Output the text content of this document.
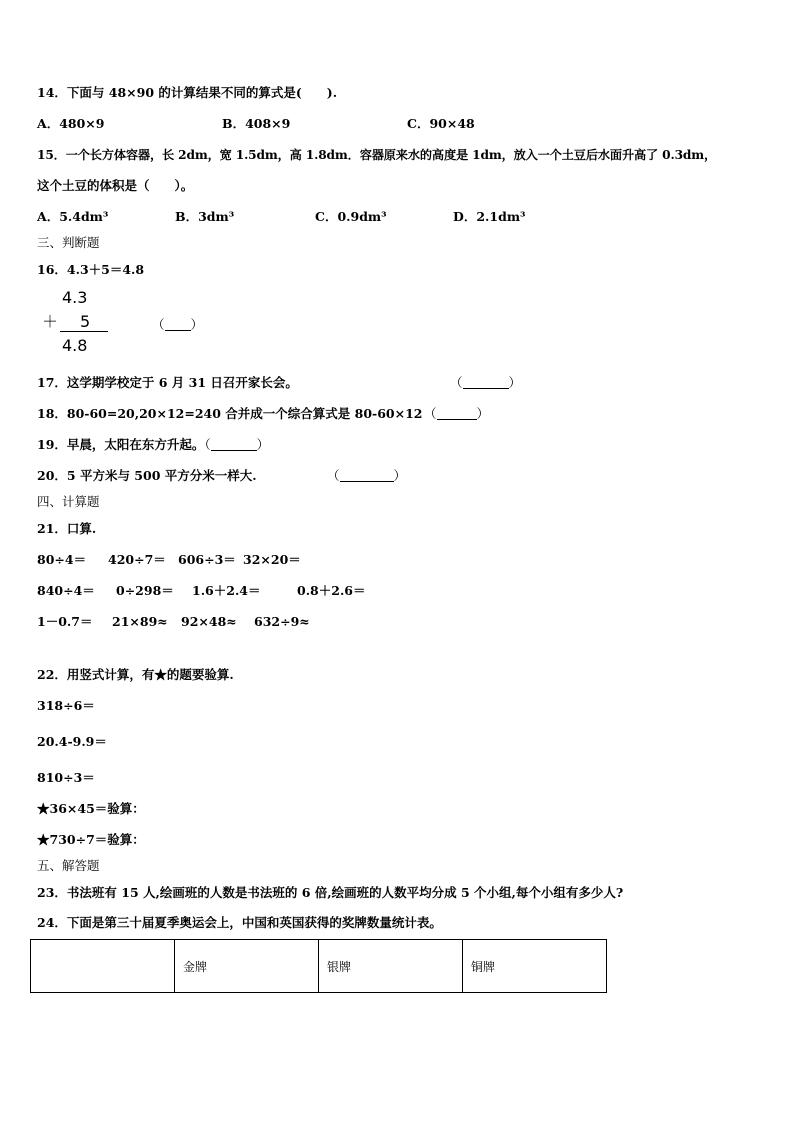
14．下面与 48×90 的计算结果不同的算式是(　　).
A．480×9	B．408×9	C．90×48
15．一个长方体容器，长 2dm，宽 1.5dm，高 1.8dm．容器原来水的高度是 1dm，放入一个土豆后水面升高了 0.3dm，
这个土豆的体积是（　　）。
A．5.4dm³	B．3dm³	C．0.9dm³	D．2.1dm³
三、判断题
16．4.3＋5＝4.8
4.3
＋ 5
4.8
（ ）
17．这学期学校定于 6 月 31 日召开家长会。	（	）
18．80-60=20,20×12=240 合并成一个综合算式是 80-60×12 （	）
19．早晨，太阳在东方升起。（	）
20．5 平方米与 500 平方分米一样大.	（	）
四、计算题
21．口算.
80÷4＝ 420÷7＝ 606÷3＝ 32×20＝
840÷4＝ 0÷298＝ 1.6＋2.4＝	0.8＋2.6＝
1－0.7＝ 21×89≈ 92×48≈ 632÷9≈
22．用竖式计算，有★的题要验算.
318÷6＝
20.4-9.9＝
810÷3＝
★36×45＝验算：
★730÷7＝验算：
五、解答题
23．书法班有 15 人,绘画班的人数是书法班的 6 倍,绘画班的人数平均分成 5 个小组,每个小组有多少人?
24．下面是第三十届夏季奥运会上，中国和英国获得的奖牌数量统计表。
	金牌	银牌	铜牌
